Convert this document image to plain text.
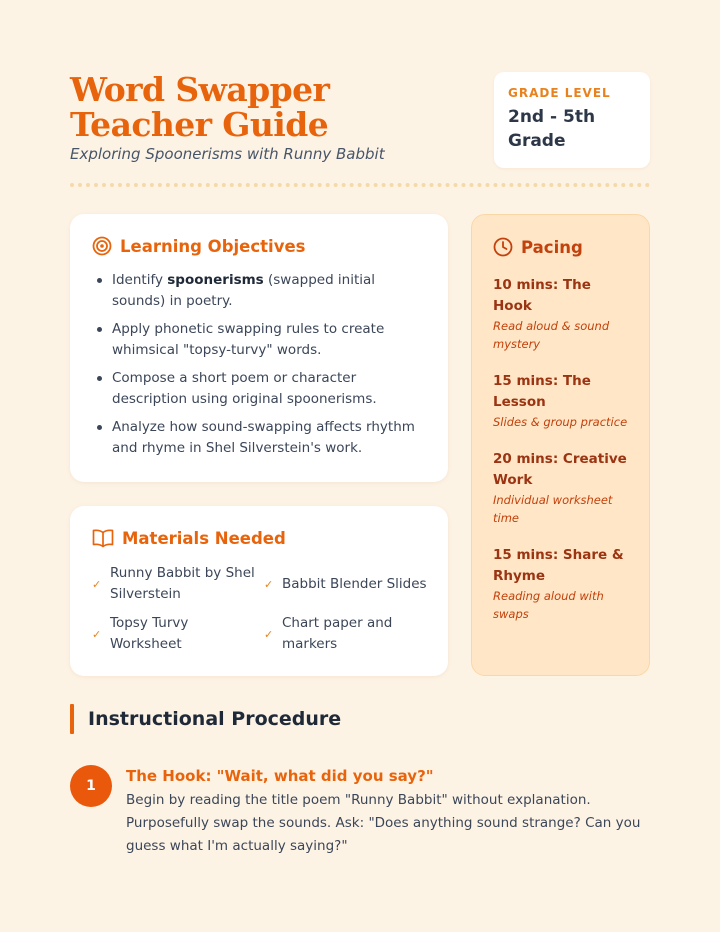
Word Swapper Teacher Guide
Exploring Spoonerisms with Runny Babbit
GRADE LEVEL
2nd - 5th Grade
Learning Objectives
Identify spoonerisms (swapped initial sounds) in poetry.
Apply phonetic swapping rules to create whimsical "topsy-turvy" words.
Compose a short poem or character description using original spoonerisms.
Analyze how sound-swapping affects rhythm and rhyme in Shel Silverstein's work.
Materials Needed
✓
Runny Babbit by Shel Silverstein
✓ Babbit Blender Slides
✓
Topsy Turvy Worksheet
✓
Chart paper and markers
Pacing
10 mins: The Hook
Read aloud & sound mystery
15 mins: The Lesson
Slides & group practice
20 mins: Creative Work
Individual worksheet time
15 mins: Share & Rhyme
Reading aloud with swaps
Instructional Procedure
1
The Hook: "Wait, what did you say?"
Begin by reading the title poem "Runny Babbit" without explanation. Purposefully swap the sounds. Ask: "Does anything sound strange? Can you guess what I'm actually saying?"
